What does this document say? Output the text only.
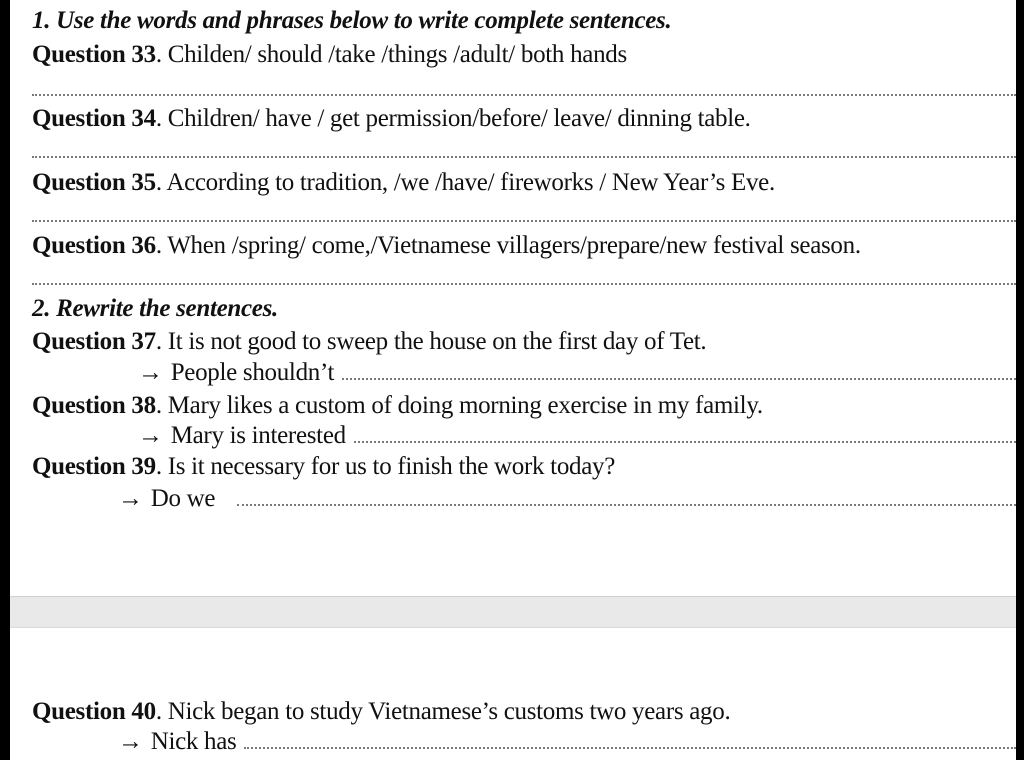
1. Use the words and phrases below to write complete sentences.
Question 33. Childen/ should /take /things /adult/ both hands
Question 34. Children/ have / get permission/before/ leave/ dinning table.
Question 35. According to tradition, /we /have/ fireworks / New Year’s Eve.
Question 36. When /spring/ come,/Vietnamese villagers/prepare/new festival season.
2. Rewrite the sentences.
Question 37. It is not good to sweep the house on the first day of Tet.
→ People shouldn’t
Question 38. Mary likes a custom of doing morning exercise in my family.
→ Mary is interested
Question 39. Is it necessary for us to finish the work today?
→ Do we
Question 40. Nick began to study Vietnamese’s customs two years ago.
→ Nick has
